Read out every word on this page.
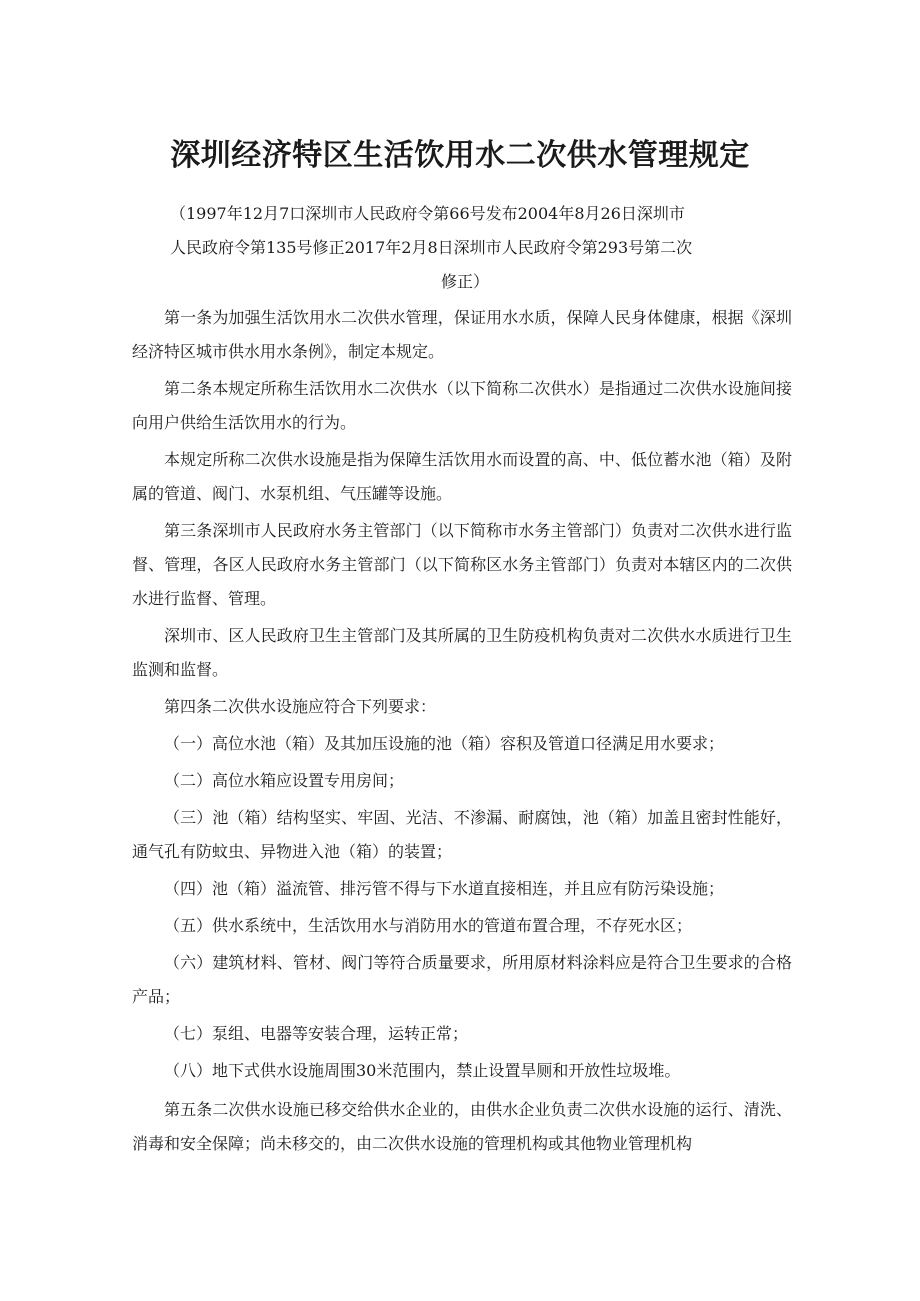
深圳经济特区生活饮用水二次供水管理规定
（1997年12月7口深圳市人民政府令第66号发布2004年8月26日深圳市
人民政府令第135号修正2017年2月8日深圳市人民政府令第293号第二次
修正）

第一条为加强生活饮用水二次供水管理，保证用水水质，保障人民身体健康，根据《深圳经济特区城市供水用水条例》，制定本规定。

第二条本规定所称生活饮用水二次供水（以下简称二次供水）是指通过二次供水设施间接向用户供给生活饮用水的行为。

本规定所称二次供水设施是指为保障生活饮用水而设置的高、中、低位蓄水池（箱）及附属的管道、阀门、水泵机组、气压罐等设施。

第三条深圳市人民政府水务主管部门（以下简称市水务主管部门）负责对二次供水进行监督、管理，各区人民政府水务主管部门（以下简称区水务主管部门）负责对本辖区内的二次供水进行监督、管理。

深圳市、区人民政府卫生主管部门及其所属的卫生防疫机构负责对二次供水水质进行卫生监测和监督。

第四条二次供水设施应符合下列要求：

（一）高位水池（箱）及其加压设施的池（箱）容积及管道口径满足用水要求；

（二）高位水箱应设置专用房间；

（三）池（箱）结构坚实、牢固、光洁、不渗漏、耐腐蚀，池（箱）加盖且密封性能好，通气孔有防蚊虫、异物进入池（箱）的装置；

（四）池（箱）溢流管、排污管不得与下水道直接相连，并且应有防污染设施；

（五）供水系统中，生活饮用水与消防用水的管道布置合理，不存死水区；

（六）建筑材料、管材、阀门等符合质量要求，所用原材料涂料应是符合卫生要求的合格产品；

（七）泵组、电器等安装合理，运转正常；

（八）地下式供水设施周围30米范围内，禁止设置旱厕和开放性垃圾堆。

第五条二次供水设施已移交给供水企业的，由供水企业负责二次供水设施的运行、清洗、消毒和安全保障；尚未移交的，由二次供水设施的管理机构或其他物业管理机构
